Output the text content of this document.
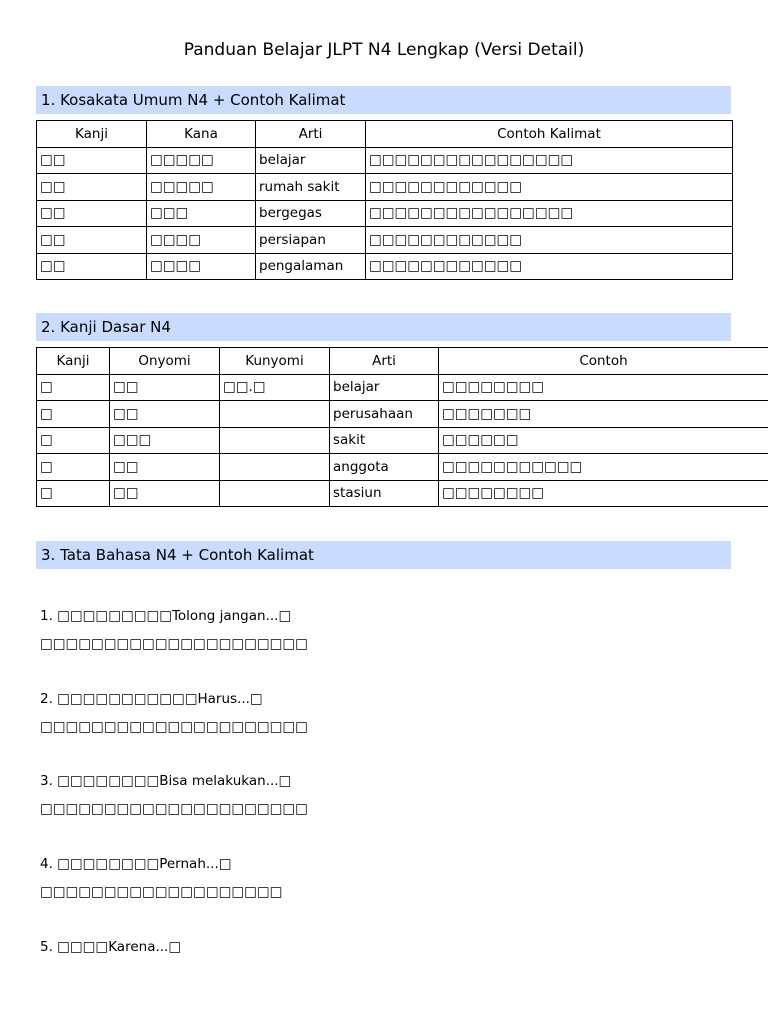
Panduan Belajar JLPT N4 Lengkap (Versi Detail)
1. Kosakata Umum N4 + Contoh Kalimat
Kanji	Kana	Arti	Contoh Kalimat
□□	□□□□□	belajar	□□□□□□□□□□□□□□□□
□□	□□□□□	rumah sakit	□□□□□□□□□□□□
□□	□□□	bergegas	□□□□□□□□□□□□□□□□
□□	□□□□	persiapan	□□□□□□□□□□□□
□□	□□□□	pengalaman	□□□□□□□□□□□□
2. Kanji Dasar N4
Kanji	Onyomi	Kunyomi	Arti	Contoh
□	□□	□□.□	belajar	□□□□□□□□
□	□□		perusahaan	□□□□□□□
□	□□□		sakit	□□□□□□
□	□□		anggota	□□□□□□□□□□□
□	□□		stasiun	□□□□□□□□
3. Tata Bahasa N4 + Contoh Kalimat
1. □□□□□□□□□Tolong jangan...□
□□□□□□□□□□□□□□□□□□□□□
2. □□□□□□□□□□□Harus...□
□□□□□□□□□□□□□□□□□□□□□
3. □□□□□□□□Bisa melakukan...□
□□□□□□□□□□□□□□□□□□□□□
4. □□□□□□□□Pernah...□
□□□□□□□□□□□□□□□□□□□
5. □□□□Karena...□
